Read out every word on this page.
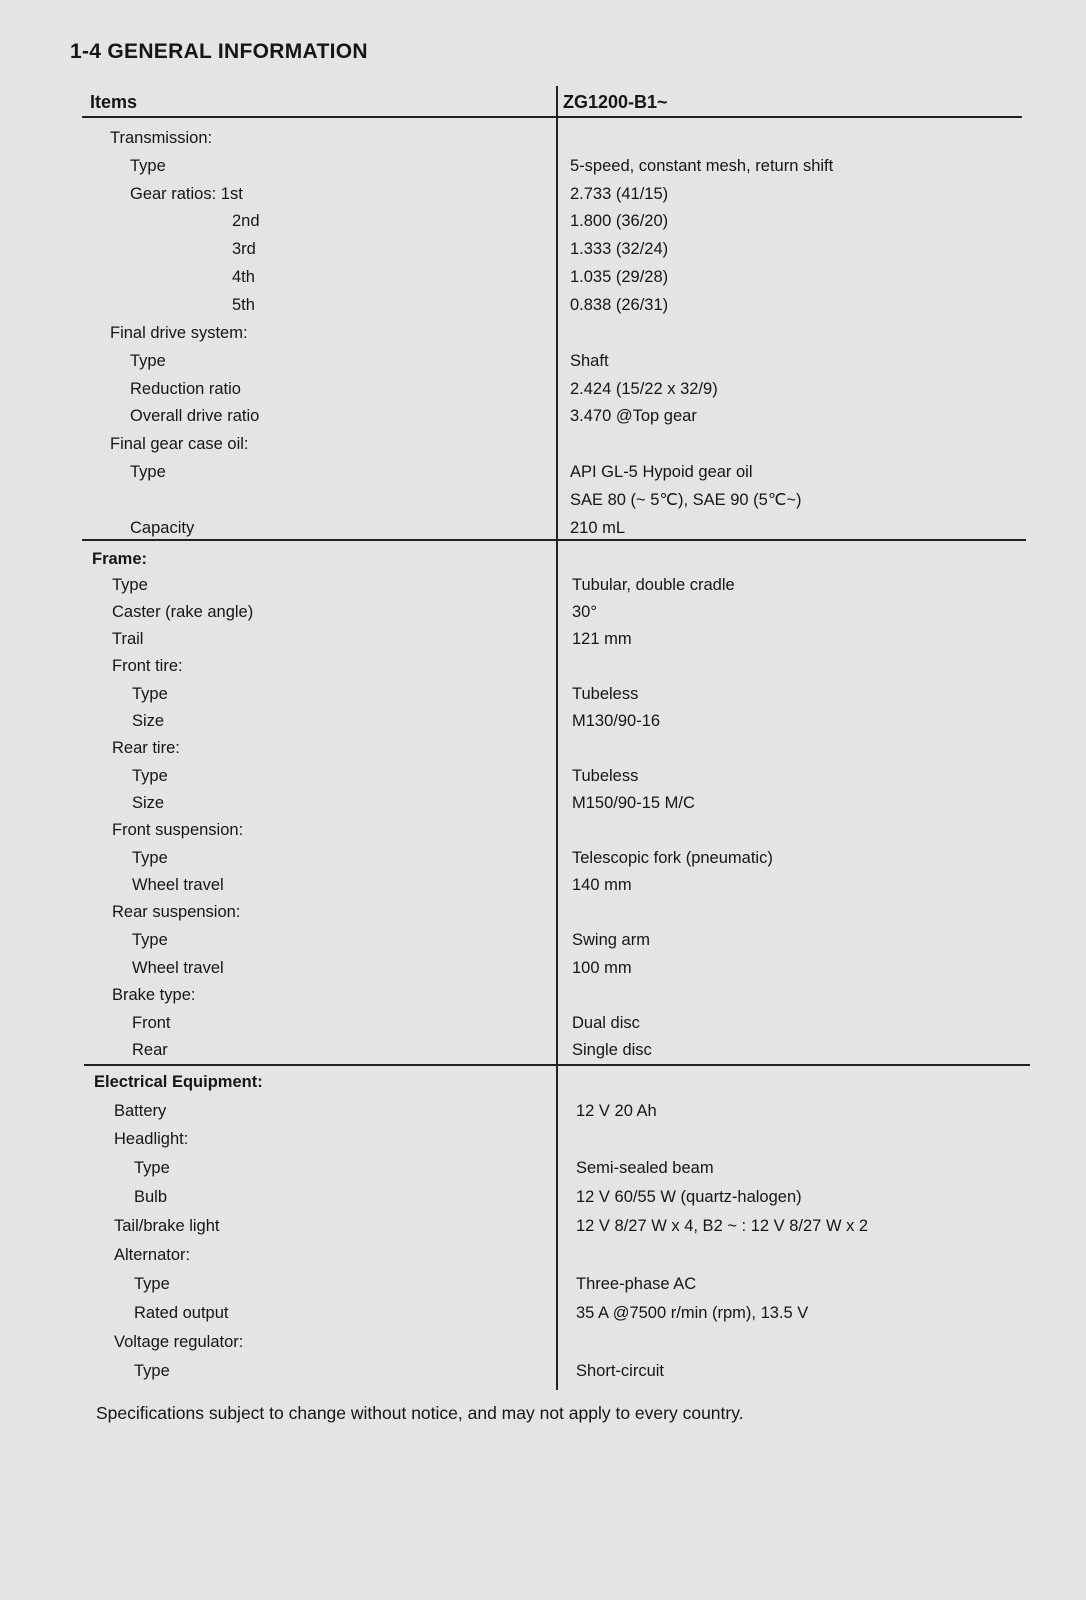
1-4 GENERAL INFORMATION
Items	ZG1200-B1~
Transmission:
Type	5-speed, constant mesh, return shift
Gear ratios: 1st	2.733 (41/15)
2nd	1.800 (36/20)
3rd	1.333 (32/24)
4th	1.035 (29/28)
5th	0.838 (26/31)
Final drive system:
Type	Shaft
Reduction ratio	2.424 (15/22 x 32/9)
Overall drive ratio	3.470 @Top gear
Final gear case oil:
Type	API GL-5 Hypoid gear oil
SAE 80 (~ 5℃), SAE 90 (5℃~)
Capacity	210 mL
Frame:
Type	Tubular, double cradle
Caster (rake angle)	30°
Trail	121 mm
Front tire:
Type	Tubeless
Size	M130/90-16
Rear tire:
Type	Tubeless
Size	M150/90-15 M/C
Front suspension:
Type	Telescopic fork (pneumatic)
Wheel travel	140 mm
Rear suspension:
Type	Swing arm
Wheel travel	100 mm
Brake type:
Front	Dual disc
Rear	Single disc
Electrical Equipment:
Battery	12 V 20 Ah
Headlight:
Type	Semi-sealed beam
Bulb	12 V 60/55 W (quartz-halogen)
Tail/brake light	12 V 8/27 W x 4, B2 ~ : 12 V 8/27 W x 2
Alternator:
Type	Three-phase AC
Rated output	35 A @7500 r/min (rpm), 13.5 V
Voltage regulator:
Type	Short-circuit
Specifications subject to change without notice, and may not apply to every country.
